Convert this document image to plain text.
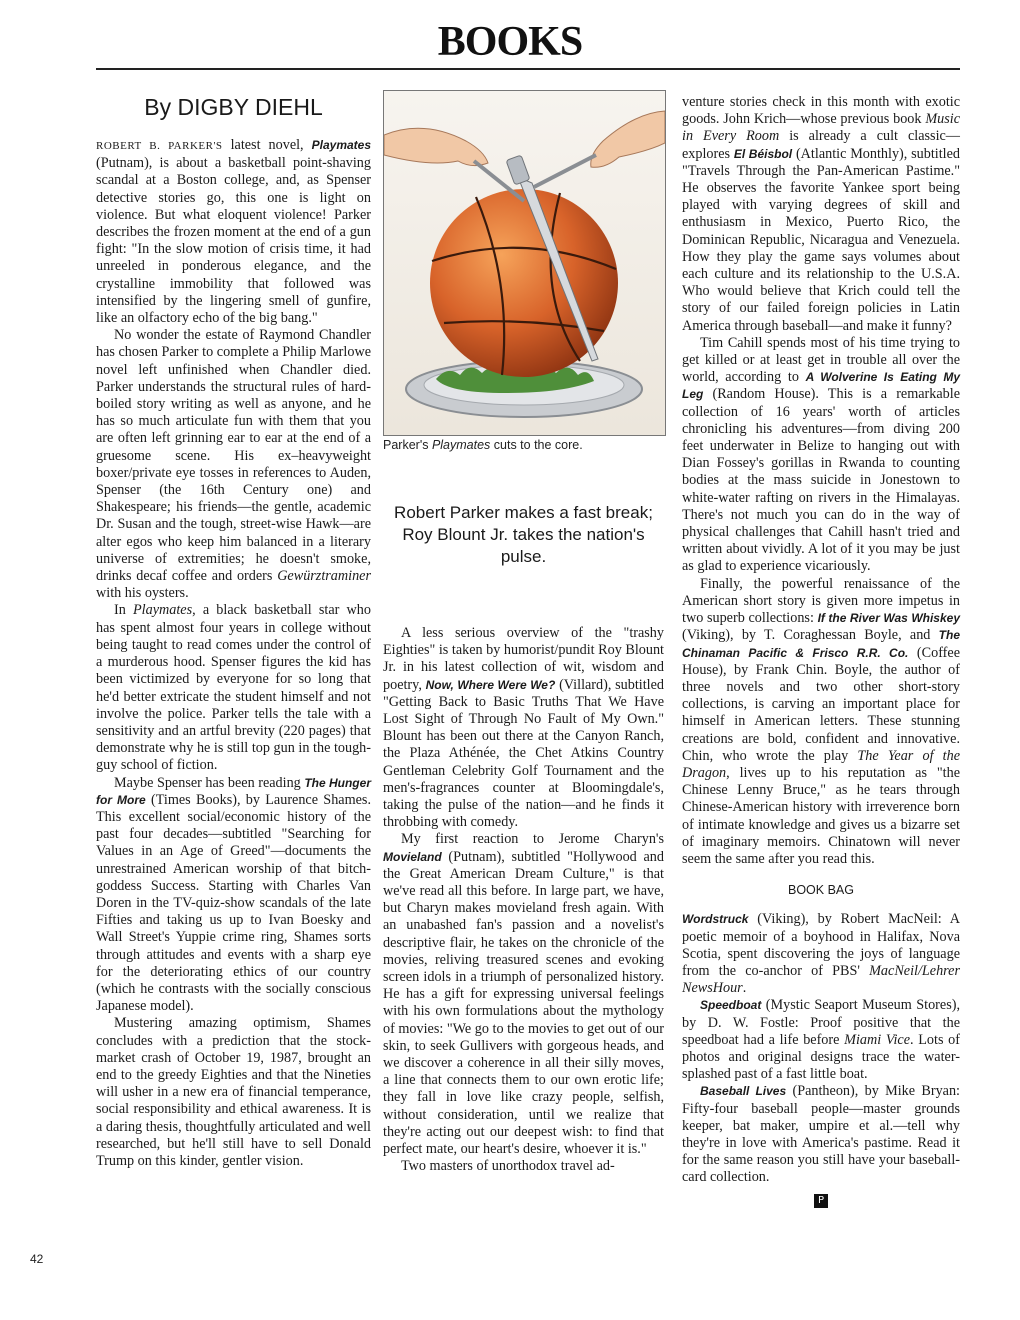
BOOKS
By DIGBY DIEHL

ROBERT B. PARKER'S latest novel, Playmates (Putnam), is about a basketball point-shaving scandal at a Boston college, and, as Spenser detective stories go, this one is light on violence. But what eloquent violence! Parker describes the frozen moment at the end of a gun fight: "In the slow motion of crisis time, it had unreeled in ponderous elegance, and the crystalline immobility that followed was intensified by the lingering smell of gunfire, like an olfactory echo of the big bang."

No wonder the estate of Raymond Chandler has chosen Parker to complete a Philip Marlowe novel left unfinished when Chandler died. Parker understands the structural rules of hard-boiled story writing as well as anyone, and he has so much articulate fun with them that you are often left grinning ear to ear at the end of a gruesome scene. His ex–heavyweight boxer/private eye tosses in references to Auden, Spenser (the 16th Century one) and Shakespeare; his friends—the gentle, academic Dr. Susan and the tough, street-wise Hawk—are alter egos who keep him balanced in a literary universe of extremities; he doesn't smoke, drinks decaf coffee and orders Gewürztraminer with his oysters.

In Playmates, a black basketball star who has spent almost four years in college without being taught to read comes under the control of a murderous hood. Spenser figures the kid has been victimized by everyone for so long that he'd better extricate the student himself and not involve the police. Parker tells the tale with a sensitivity and an artful brevity (220 pages) that demonstrate why he is still top gun in the tough-guy school of fiction.

Maybe Spenser has been reading The Hunger for More (Times Books), by Laurence Shames. This excellent social/economic history of the past four decades—subtitled "Searching for Values in an Age of Greed"—documents the unrestrained American worship of that bitch-goddess Success. Starting with Charles Van Doren in the TV-quiz-show scandals of the late Fifties and taking us up to Ivan Boesky and Wall Street's Yuppie crime ring, Shames sorts through attitudes and events with a sharp eye for the deteriorating ethics of our country (which he contrasts with the socially conscious Japanese model).

Mustering amazing optimism, Shames concludes with a prediction that the stock-market crash of October 19, 1987, brought an end to the greedy Eighties and that the Nineties will usher in a new era of financial temperance, social responsibility and ethical awareness. It is a daring thesis, thoughtfully articulated and well researched, but he'll still have to sell Donald Trump on this kinder, gentler vision.

Parker's Playmates cuts to the core.
Robert Parker makes a fast break; Roy Blount Jr. takes the nation's pulse.

A less serious overview of the "trashy Eighties" is taken by humorist/pundit Roy Blount Jr. in his latest collection of wit, wisdom and poetry, Now, Where Were We? (Villard), subtitled "Getting Back to Basic Truths That We Have Lost Sight of Through No Fault of My Own." Blount has been out there at the Canyon Ranch, the Plaza Athénée, the Chet Atkins Country Gentleman Celebrity Golf Tournament and the men's-fragrances counter at Bloomingdale's, taking the pulse of the nation—and he finds it throbbing with comedy.

My first reaction to Jerome Charyn's Movieland (Putnam), subtitled "Hollywood and the Great American Dream Culture," is that we've read all this before. In large part, we have, but Charyn makes movieland fresh again. With an unabashed fan's passion and a novelist's descriptive flair, he takes on the chronicle of the movies, reliving treasured scenes and evoking screen idols in a triumph of personalized history. He has a gift for expressing universal feelings with his own formulations about the mythology of movies: "We go to the movies to get out of our skin, to seek Gullivers with gorgeous heads, and we discover a coherence in all their silly moves, a line that connects them to our own erotic life; they fall in love like crazy people, selfish, without consideration, until we realize that they're acting out our deepest wish: to find that perfect mate, our heart's desire, whoever it is."

Two masters of unorthodox travel ad-

venture stories check in this month with exotic goods. John Krich—whose previous book Music in Every Room is already a cult classic—explores El Béisbol (Atlantic Monthly), subtitled "Travels Through the Pan-American Pastime." He observes the favorite Yankee sport being played with varying degrees of skill and enthusiasm in Mexico, Puerto Rico, the Dominican Republic, Nicaragua and Venezuela. How they play the game says volumes about each culture and its relationship to the U.S.A. Who would believe that Krich could tell the story of our failed foreign policies in Latin America through baseball—and make it funny?

Tim Cahill spends most of his time trying to get killed or at least get in trouble all over the world, according to A Wolverine Is Eating My Leg (Random House). This is a remarkable collection of 16 years' worth of articles chronicling his adventures—from diving 200 feet underwater in Belize to hanging out with Dian Fossey's gorillas in Rwanda to counting bodies at the mass suicide in Jonestown to white-water rafting on rivers in the Himalayas. There's not much you can do in the way of physical challenges that Cahill hasn't tried and written about vividly. A lot of it you may be just as glad to experience vicariously.

Finally, the powerful renaissance of the American short story is given more impetus in two superb collections: If the River Was Whiskey (Viking), by T. Coraghessan Boyle, and The Chinaman Pacific & Frisco R.R. Co. (Coffee House), by Frank Chin. Boyle, the author of three novels and two other short-story collections, is carving an important place for himself in American letters. These stunning creations are bold, confident and innovative. Chin, who wrote the play The Year of the Dragon, lives up to his reputation as "the Chinese Lenny Bruce," as he tears through Chinese-American history with irreverence born of intimate knowledge and gives us a bizarre set of imaginary memoirs. Chinatown will never seem the same after you read this.

BOOK BAG

Wordstruck (Viking), by Robert MacNeil: A poetic memoir of a boyhood in Halifax, Nova Scotia, spent discovering the joys of language from the co-anchor of PBS' MacNeil/Lehrer NewsHour.

Speedboat (Mystic Seaport Museum Stores), by D. W. Fostle: Proof positive that the speedboat had a life before Miami Vice. Lots of photos and original designs trace the water-splashed past of a fast little boat.

Baseball Lives (Pantheon), by Mike Bryan: Fifty-four baseball people—master grounds keeper, bat maker, umpire et al.—tell why they're in love with America's pastime. Read it for the same reason you still have your baseball-card collection.

P

42
